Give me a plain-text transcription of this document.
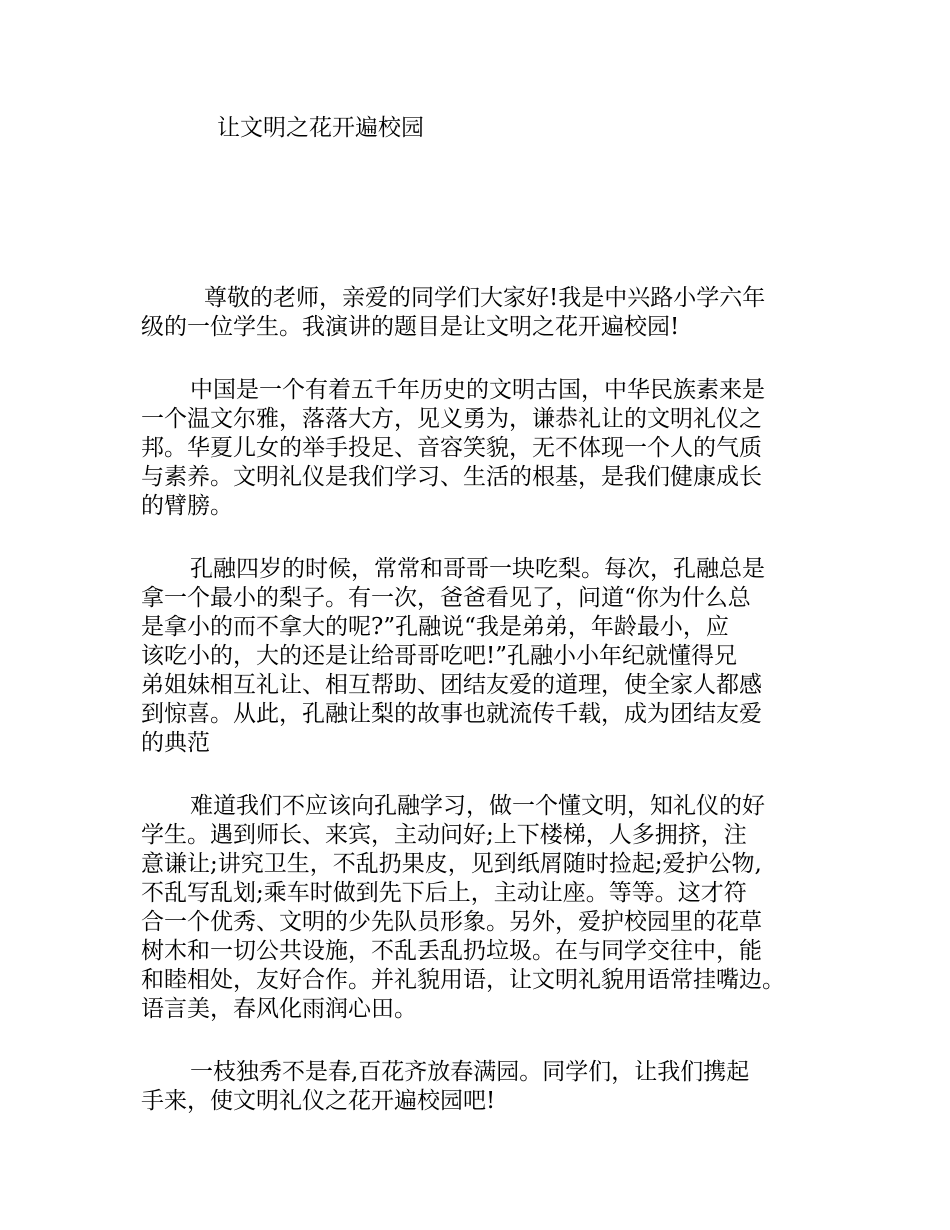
让文明之花开遍校园

尊敬的老师，亲爱的同学们大家好!我是中兴路小学六年
级的一位学生。我演讲的题目是让文明之花开遍校园!

中国是一个有着五千年历史的文明古国，中华民族素来是
一个温文尔雅，落落大方，见义勇为，谦恭礼让的文明礼仪之
邦。华夏儿女的举手投足、音容笑貌，无不体现一个人的气质
与素养。文明礼仪是我们学习、生活的根基，是我们健康成长
的臂膀。

孔融四岁的时候，常常和哥哥一块吃梨。每次，孔融总是
拿一个最小的梨子。有一次，爸爸看见了，问道“你为什么总
是拿小的而不拿大的呢?”孔融说“我是弟弟，年龄最小，应
该吃小的，大的还是让给哥哥吃吧!”孔融小小年纪就懂得兄
弟姐妹相互礼让、相互帮助、团结友爱的道理，使全家人都感
到惊喜。从此，孔融让梨的故事也就流传千载，成为团结友爱
的典范

难道我们不应该向孔融学习，做一个懂文明，知礼仪的好
学生。遇到师长、来宾，主动问好;上下楼梯，人多拥挤，注
意谦让;讲究卫生，不乱扔果皮，见到纸屑随时捡起;爱护公物,
不乱写乱划;乘车时做到先下后上，主动让座。等等。这才符
合一个优秀、文明的少先队员形象。另外，爱护校园里的花草
树木和一切公共设施，不乱丢乱扔垃圾。在与同学交往中，能
和睦相处，友好合作。并礼貌用语，让文明礼貌用语常挂嘴边。
语言美，春风化雨润心田。

一枝独秀不是春,百花齐放春满园。同学们，让我们携起
手来，使文明礼仪之花开遍校园吧!
